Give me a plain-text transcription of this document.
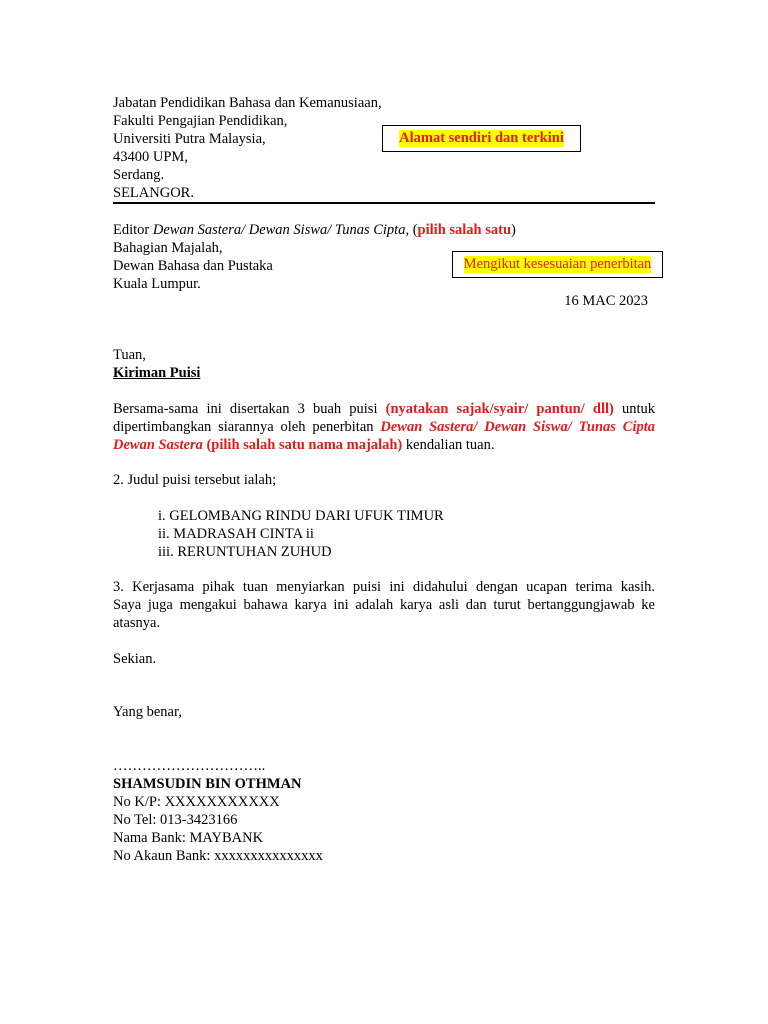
Jabatan Pendidikan Bahasa dan Kemanusiaan,
Fakulti Pengajian Pendidikan,
Universiti Putra Malaysia,
43400 UPM,
Serdang.
SELANGOR.
Alamat sendiri dan terkini
Editor Dewan Sastera/ Dewan Siswa/ Tunas Cipta, (pilih salah satu)
Bahagian Majalah,
Dewan Bahasa dan Pustaka
Kuala Lumpur.
Mengikut kesesuaian penerbitan
16 MAC 2023
Tuan,
Kiriman Puisi
Bersama-sama ini disertakan 3 buah puisi (nyatakan sajak/syair/ pantun/ dll) untuk
dipertimbangkan siarannya oleh penerbitan Dewan Sastera/ Dewan Siswa/ Tunas Cipta
Dewan Sastera (pilih salah satu nama majalah) kendalian tuan.
2. Judul puisi tersebut ialah;
i. GELOMBANG RINDU DARI UFUK TIMUR
ii. MADRASAH CINTA ii
iii. RERUNTUHAN ZUHUD
3. Kerjasama pihak tuan menyiarkan puisi ini didahului dengan ucapan terima kasih.
Saya juga mengakui bahawa karya ini adalah karya asli dan turut bertanggungjawab ke
atasnya.
Sekian.
Yang benar,
…………………………..
SHAMSUDIN BIN OTHMAN
No K/P: XXXXXXXXXXX
No Tel: 013-3423166
Nama Bank: MAYBANK
No Akaun Bank: xxxxxxxxxxxxxxx
